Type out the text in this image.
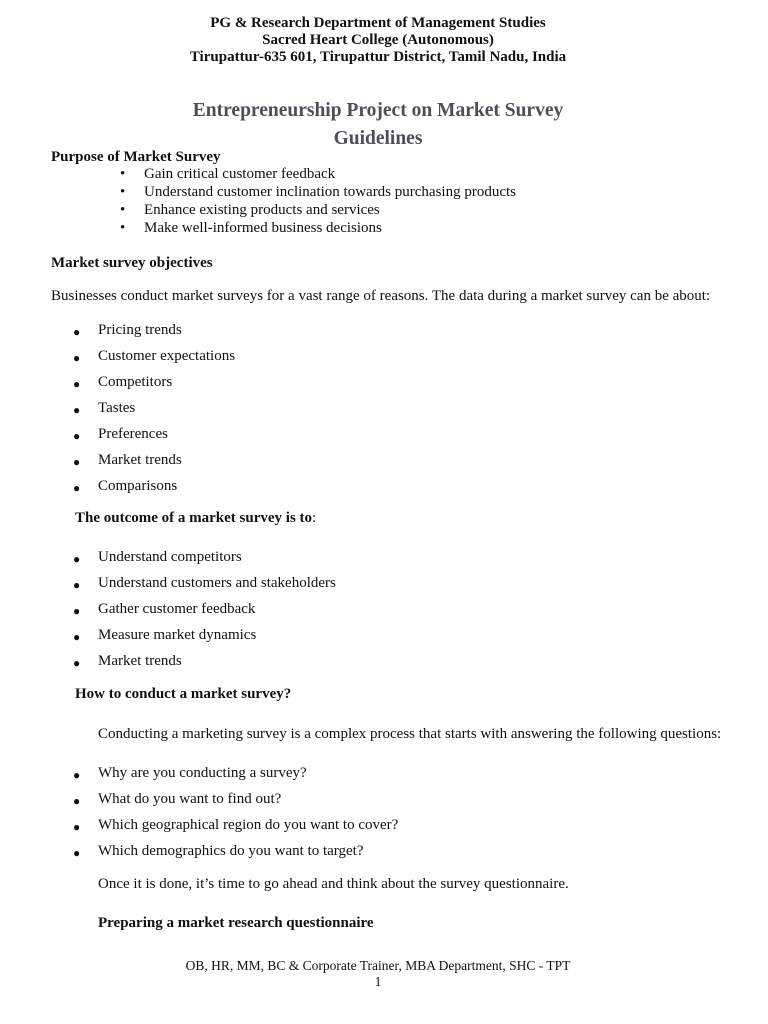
PG & Research Department of Management Studies

Sacred Heart College (Autonomous)

Tirupattur-635 601, Tirupattur District, Tamil Nadu, India

Entrepreneurship Project on Market Survey

Guidelines

Purpose of Market Survey

• Gain critical customer feedback
• Understand customer inclination towards purchasing products
• Enhance existing products and services
• Make well-informed business decisions

Market survey objectives

Businesses conduct market surveys for a vast range of reasons. The data during a market survey can be about:

● Pricing trends
● Customer expectations
● Competitors
● Tastes
● Preferences
● Market trends
● Comparisons

The outcome of a market survey is to:

● Understand competitors
● Understand customers and stakeholders
● Gather customer feedback
● Measure market dynamics
● Market trends

How to conduct a market survey?

Conducting a marketing survey is a complex process that starts with answering the following questions:

● Why are you conducting a survey?
● What do you want to find out?
● Which geographical region do you want to cover?
● Which demographics do you want to target?

Once it is done, it’s time to go ahead and think about the survey questionnaire.

Preparing a market research questionnaire

OB, HR, MM, BC & Corporate Trainer, MBA Department, SHC - TPT

1
